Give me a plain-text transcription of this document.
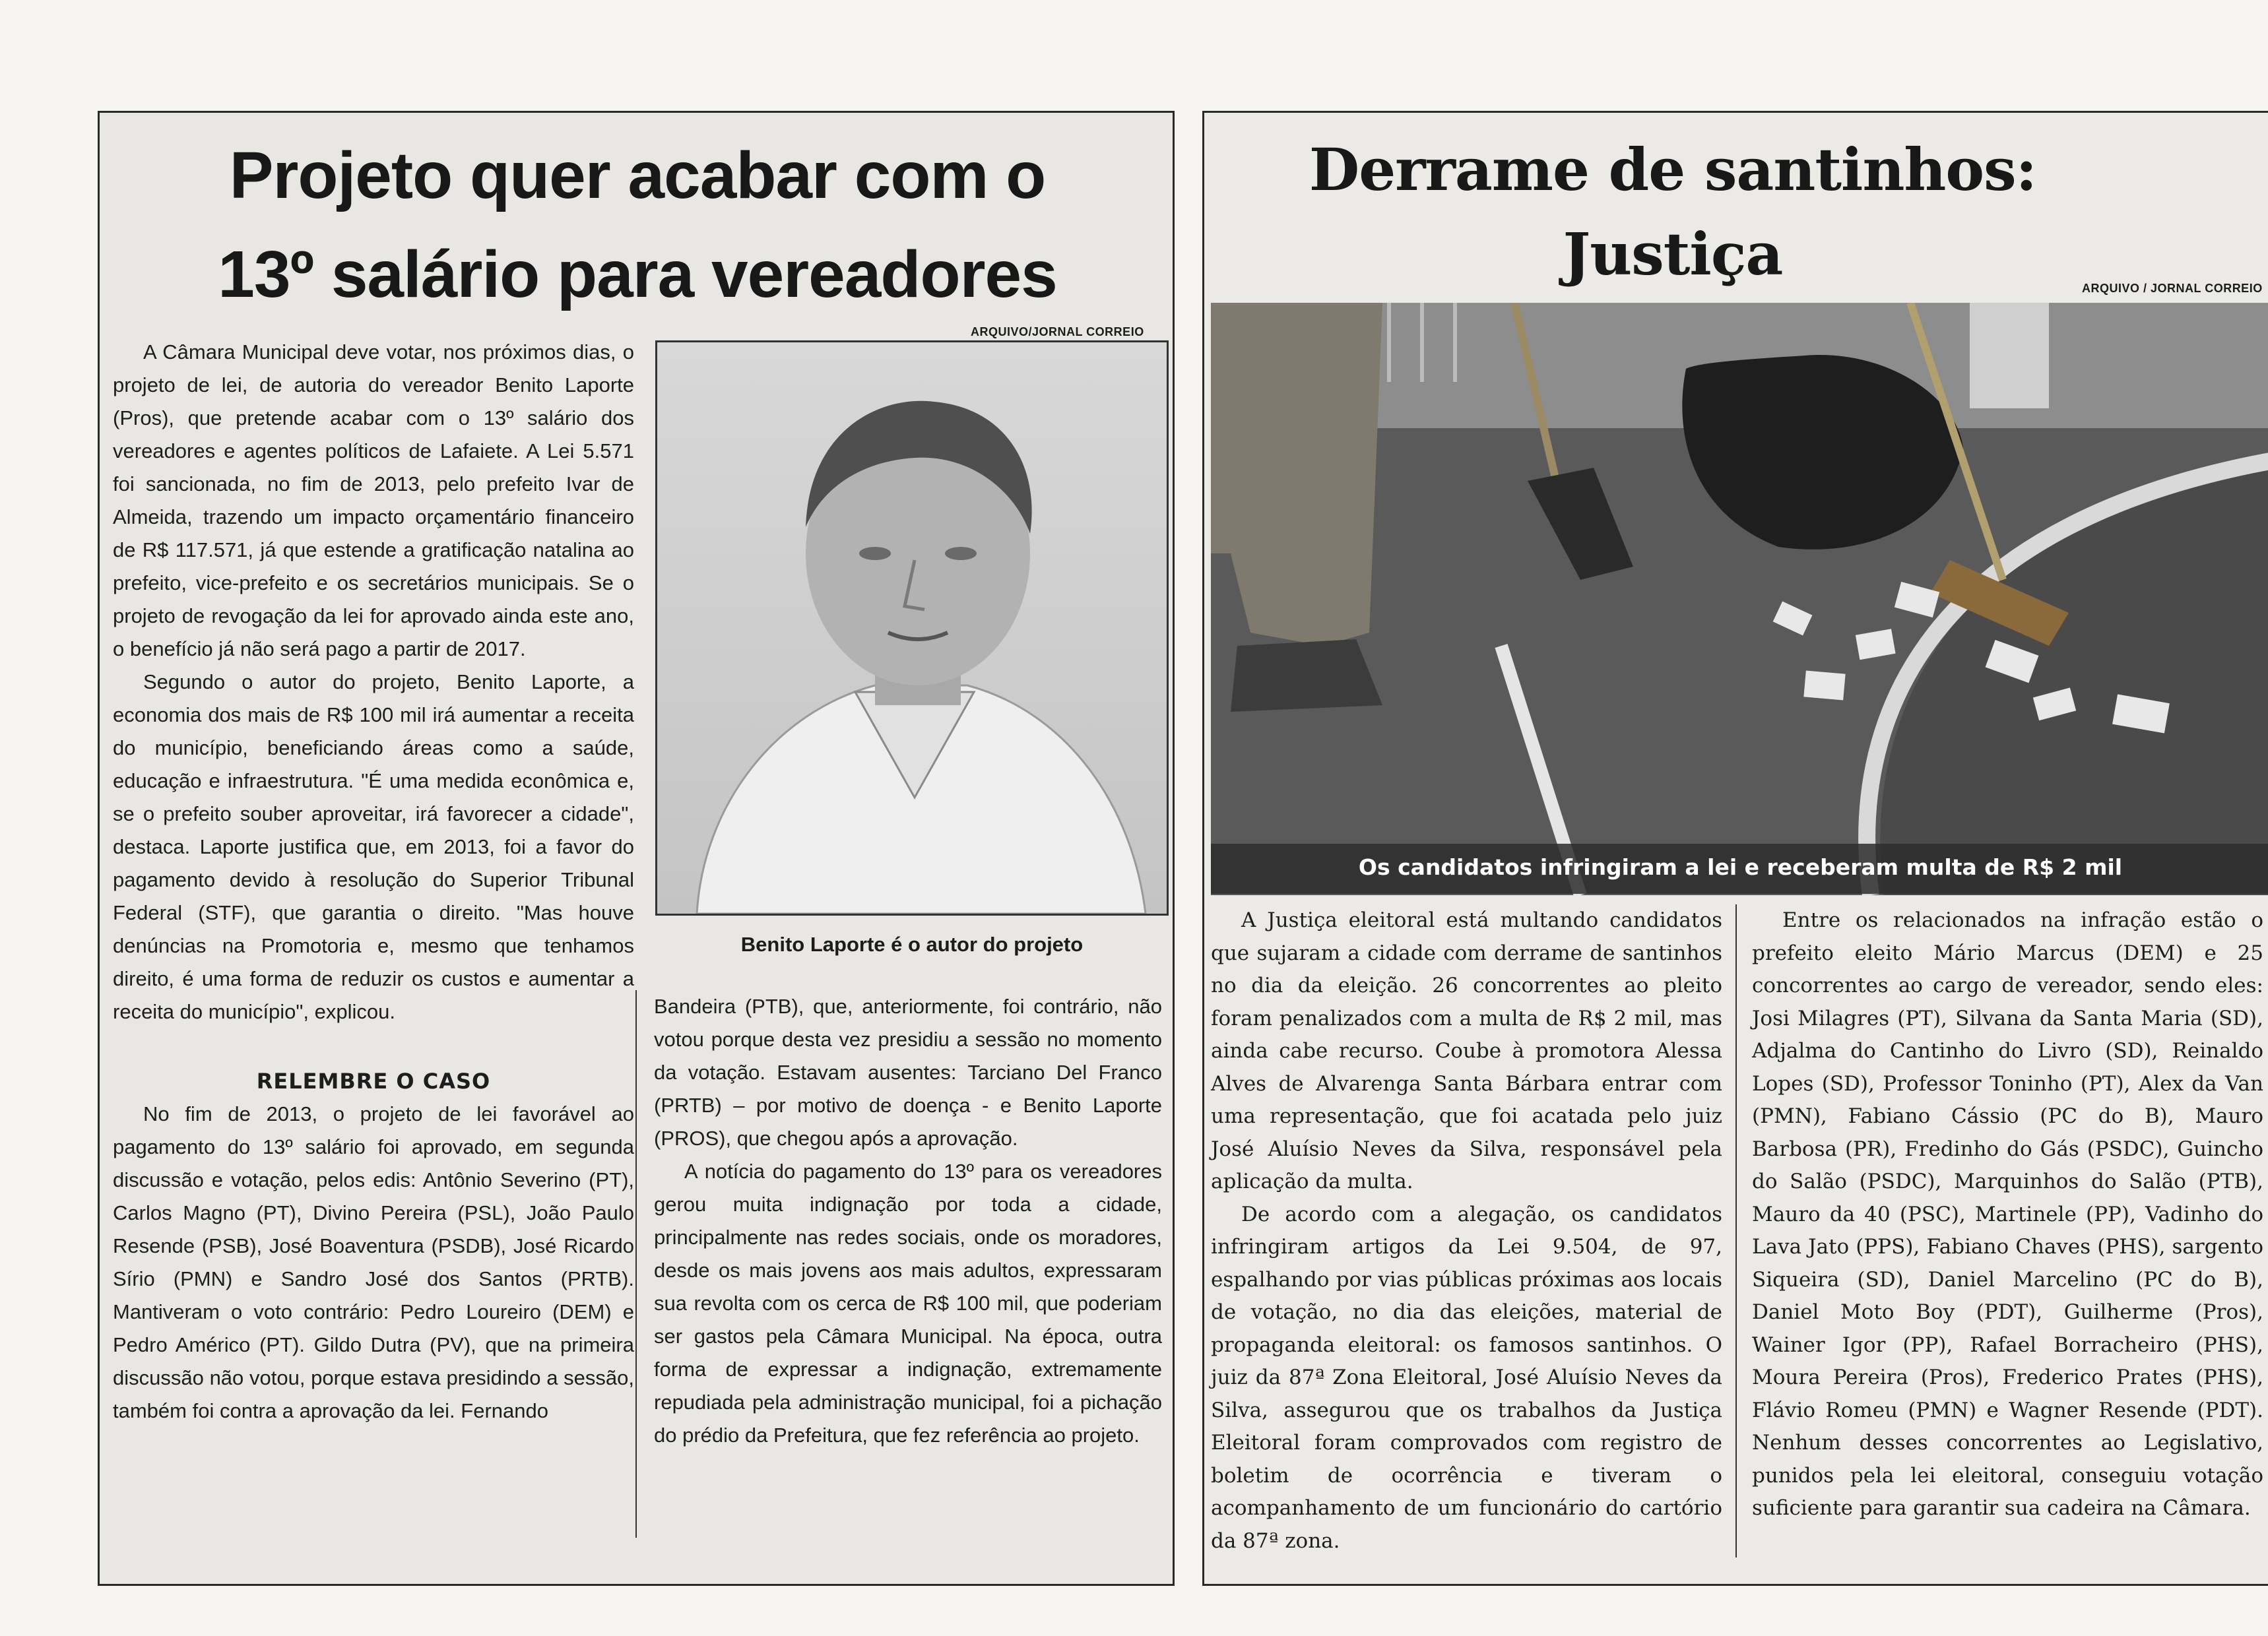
Projeto quer acabar com o
13º salário para vereadores

ARQUIVO/JORNAL CORREIO

A Câmara Municipal deve votar, nos próximos dias, o projeto de lei, de autoria do vereador Benito Laporte (Pros), que pretende acabar com o 13º salário dos vereadores e agentes políticos de Lafaiete. A Lei 5.571 foi sancionada, no fim de 2013, pelo prefeito Ivar de Almeida, trazendo um impacto orçamentário financeiro de R$ 117.571, já que estende a gratificação natalina ao prefeito, vice-prefeito e os secretários municipais. Se o projeto de revogação da lei for aprovado ainda este ano, o benefício já não será pago a partir de 2017.

Segundo o autor do projeto, Benito Laporte, a economia dos mais de R$ 100 mil irá aumentar a receita do município, beneficiando áreas como a saúde, educação e infraestrutura. "É uma medida econômica e, se o prefeito souber aproveitar, irá favorecer a cidade", destaca. Laporte justifica que, em 2013, foi a favor do pagamento devido à resolução do Superior Tribunal Federal (STF), que garantia o direito. "Mas houve denúncias na Promotoria e, mesmo que tenhamos direito, é uma forma de reduzir os custos e aumentar a receita do município", explicou.

RELEMBRE O CASO

No fim de 2013, o projeto de lei favorável ao pagamento do 13º salário foi aprovado, em segunda discussão e votação, pelos edis: Antônio Severino (PT), Carlos Magno (PT), Divino Pereira (PSL), João Paulo Resende (PSB), José Boaventura (PSDB), José Ricardo Sírio (PMN) e Sandro José dos Santos (PRTB). Mantiveram o voto contrário: Pedro Loureiro (DEM) e Pedro Américo (PT). Gildo Dutra (PV), que na primeira discussão não votou, porque estava presidindo a sessão, também foi contra a aprovação da lei. Fernando

Benito Laporte é o autor do projeto

Bandeira (PTB), que, anteriormente, foi contrário, não votou porque desta vez presidiu a sessão no momento da votação. Estavam ausentes: Tarciano Del Franco (PRTB) – por motivo de doença - e Benito Laporte (PROS), que chegou após a aprovação.

A notícia do pagamento do 13º para os vereadores gerou muita indignação por toda a cidade, principalmente nas redes sociais, onde os moradores, desde os mais jovens aos mais adultos, expressaram sua revolta com os cerca de R$ 100 mil, que poderiam ser gastos pela Câmara Municipal. Na época, outra forma de expressar a indignação, extremamente repudiada pela administração municipal, foi a pichação do prédio da Prefeitura, que fez referência ao projeto.

Derrame de santinhos: Justiça	ARQUIVO / JORNAL CORREIO

Os candidatos infringiram a lei e receberam multa de R$ 2 mil

A Justiça eleitoral está multando candidatos que sujaram a cidade com derrame de santinhos no dia da eleição. 26 concorrentes ao pleito foram penalizados com a multa de R$ 2 mil, mas ainda cabe recurso. Coube à promotora Alessa Alves de Alvarenga Santa Bárbara entrar com uma representação, que foi acatada pelo juiz José Aluísio Neves da Silva, responsável pela aplicação da multa.

De acordo com a alegação, os candidatos infringiram artigos da Lei 9.504, de 97, espalhando por vias públicas próximas aos locais de votação, no dia das eleições, material de propaganda eleitoral: os famosos santinhos. O juiz da 87ª Zona Eleitoral, José Aluísio Neves da Silva, assegurou que os trabalhos da Justiça Eleitoral foram comprovados com registro de boletim de ocorrência e tiveram o acompanhamento de um funcionário do cartório da 87ª zona.

Entre os relacionados na infração estão o prefeito eleito Mário Marcus (DEM) e 25 concorrentes ao cargo de vereador, sendo eles: Josi Milagres (PT), Silvana da Santa Maria (SD), Adjalma do Cantinho do Livro (SD), Reinaldo Lopes (SD), Professor Toninho (PT), Alex da Van (PMN), Fabiano Cássio (PC do B), Mauro Barbosa (PR), Fredinho do Gás (PSDC), Guincho do Salão (PSDC), Marquinhos do Salão (PTB), Mauro da 40 (PSC), Martinele (PP), Vadinho do Lava Jato (PPS), Fabiano Chaves (PHS), sargento Siqueira (SD), Daniel Marcelino (PC do B), Daniel Moto Boy (PDT), Guilherme (Pros), Wainer Igor (PP), Rafael Borracheiro (PHS), Moura Pereira (Pros), Frederico Prates (PHS), Flávio Romeu (PMN) e Wagner Resende (PDT). Nenhum desses concorrentes ao Legislativo, punidos pela lei eleitoral, conseguiu votação suficiente para garantir sua cadeira na Câmara.
